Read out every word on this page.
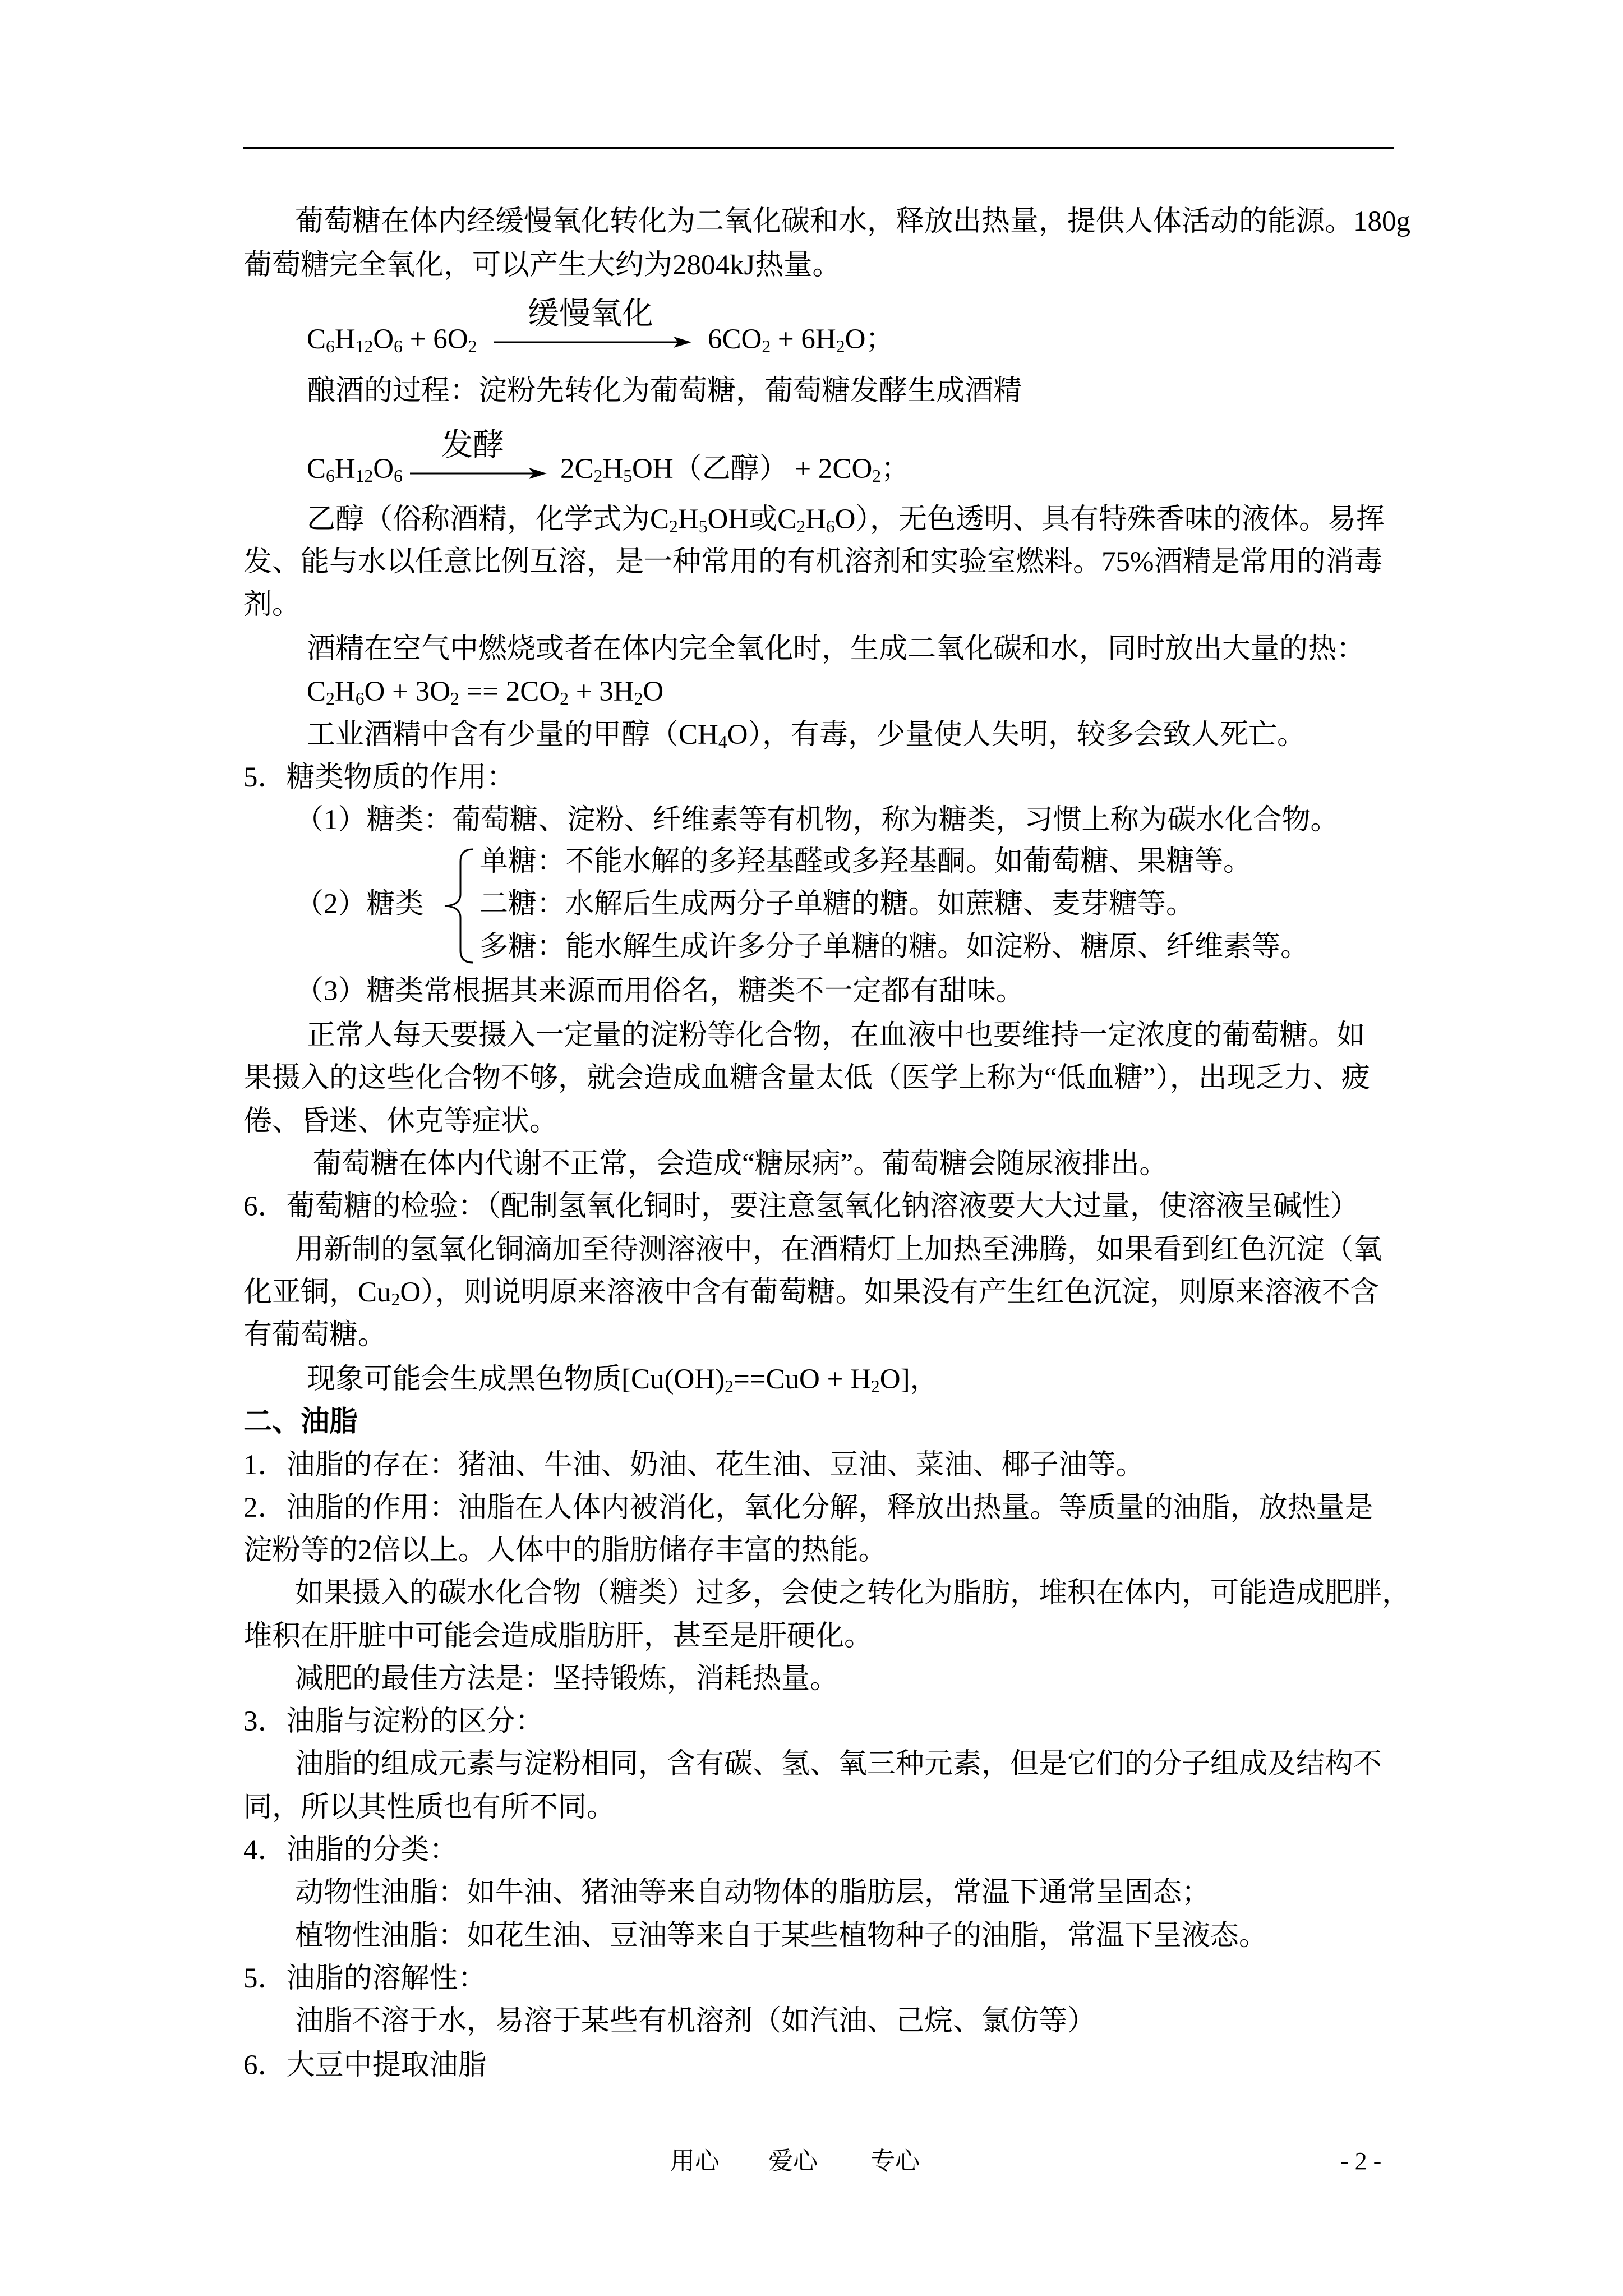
葡萄糖在体内经缓慢氧化转化为二氧化碳和水，释放出热量，提供人体活动的能源。180g
葡萄糖完全氧化，可以产生大约为2804kJ热量。
$C_6H_{12}O_6 + 6O_2$
缓慢氧化
$6CO_2 + 6H_2O$；
酿酒的过程：淀粉先转化为葡萄糖，葡萄糖发酵生成酒精
$C_6H_{12}O_6$
发酵
$2C_2H_5OH$（乙醇） + $2CO_2$；
乙醇（俗称酒精，化学式为$C_2H_5OH$或$C_2H_6O$），无色透明、具有特殊香味的液体。易挥
发、能与水以任意比例互溶，是一种常用的有机溶剂和实验室燃料。75%酒精是常用的消毒
剂。
酒精在空气中燃烧或者在体内完全氧化时，生成二氧化碳和水，同时放出大量的热：
$C_2H_6O + 3O_2 == 2CO_2 + 3H_2O$
工业酒精中含有少量的甲醇$(CH_4O)$，有毒，少量使人失明，较多会致人死亡。
5．糖类物质的作用：
（1）糖类：葡萄糖、淀粉、纤维素等有机物，称为糖类，习惯上称为碳水化合物。
（2）糖类
单糖：不能水解的多羟基醛或多羟基酮。如葡萄糖、果糖等。
二糖：水解后生成两分子单糖的糖。如蔗糖、麦芽糖等。
多糖：能水解生成许多分子单糖的糖。如淀粉、糖原、纤维素等。
（3）糖类常根据其来源而用俗名，糖类不一定都有甜味。
正常人每天要摄入一定量的淀粉等化合物，在血液中也要维持一定浓度的葡萄糖。如
果摄入的这些化合物不够，就会造成血糖含量太低（医学上称为“低血糖”），出现乏力、疲
倦、昏迷、休克等症状。
葡萄糖在体内代谢不正常，会造成“糖尿病”。葡萄糖会随尿液排出。
6．葡萄糖的检验：（配制氢氧化铜时，要注意氢氧化钠溶液要大大过量，使溶液呈碱性）
用新制的氢氧化铜滴加至待测溶液中，在酒精灯上加热至沸腾，如果看到红色沉淀（氧
化亚铜，$Cu_2O$），则说明原来溶液中含有葡萄糖。如果没有产生红色沉淀，则原来溶液不含
有葡萄糖。
现象可能会生成黑色物质$[Cu(OH)_2==CuO + H_2O]$，
二、油脂
1．油脂的存在：猪油、牛油、奶油、花生油、豆油、菜油、椰子油等。
2．油脂的作用：油脂在人体内被消化，氧化分解，释放出热量。等质量的油脂，放热量是
淀粉等的2倍以上。人体中的脂肪储存丰富的热能。
如果摄入的碳水化合物（糖类）过多，会使之转化为脂肪，堆积在体内，可能造成肥胖，
堆积在肝脏中可能会造成脂肪肝，甚至是肝硬化。
减肥的最佳方法是：坚持锻炼，消耗热量。
3．油脂与淀粉的区分：
油脂的组成元素与淀粉相同，含有碳、氢、氧三种元素，但是它们的分子组成及结构不
同，所以其性质也有所不同。
4．油脂的分类：
动物性油脂：如牛油、猪油等来自动物体的脂肪层，常温下通常呈固态；
植物性油脂：如花生油、豆油等来自于某些植物种子的油脂，常温下呈液态。
5．油脂的溶解性：
油脂不溶于水，易溶于某些有机溶剂（如汽油、己烷、氯仿等）
6．大豆中提取油脂
用心 爱心 专心	- 2 -
